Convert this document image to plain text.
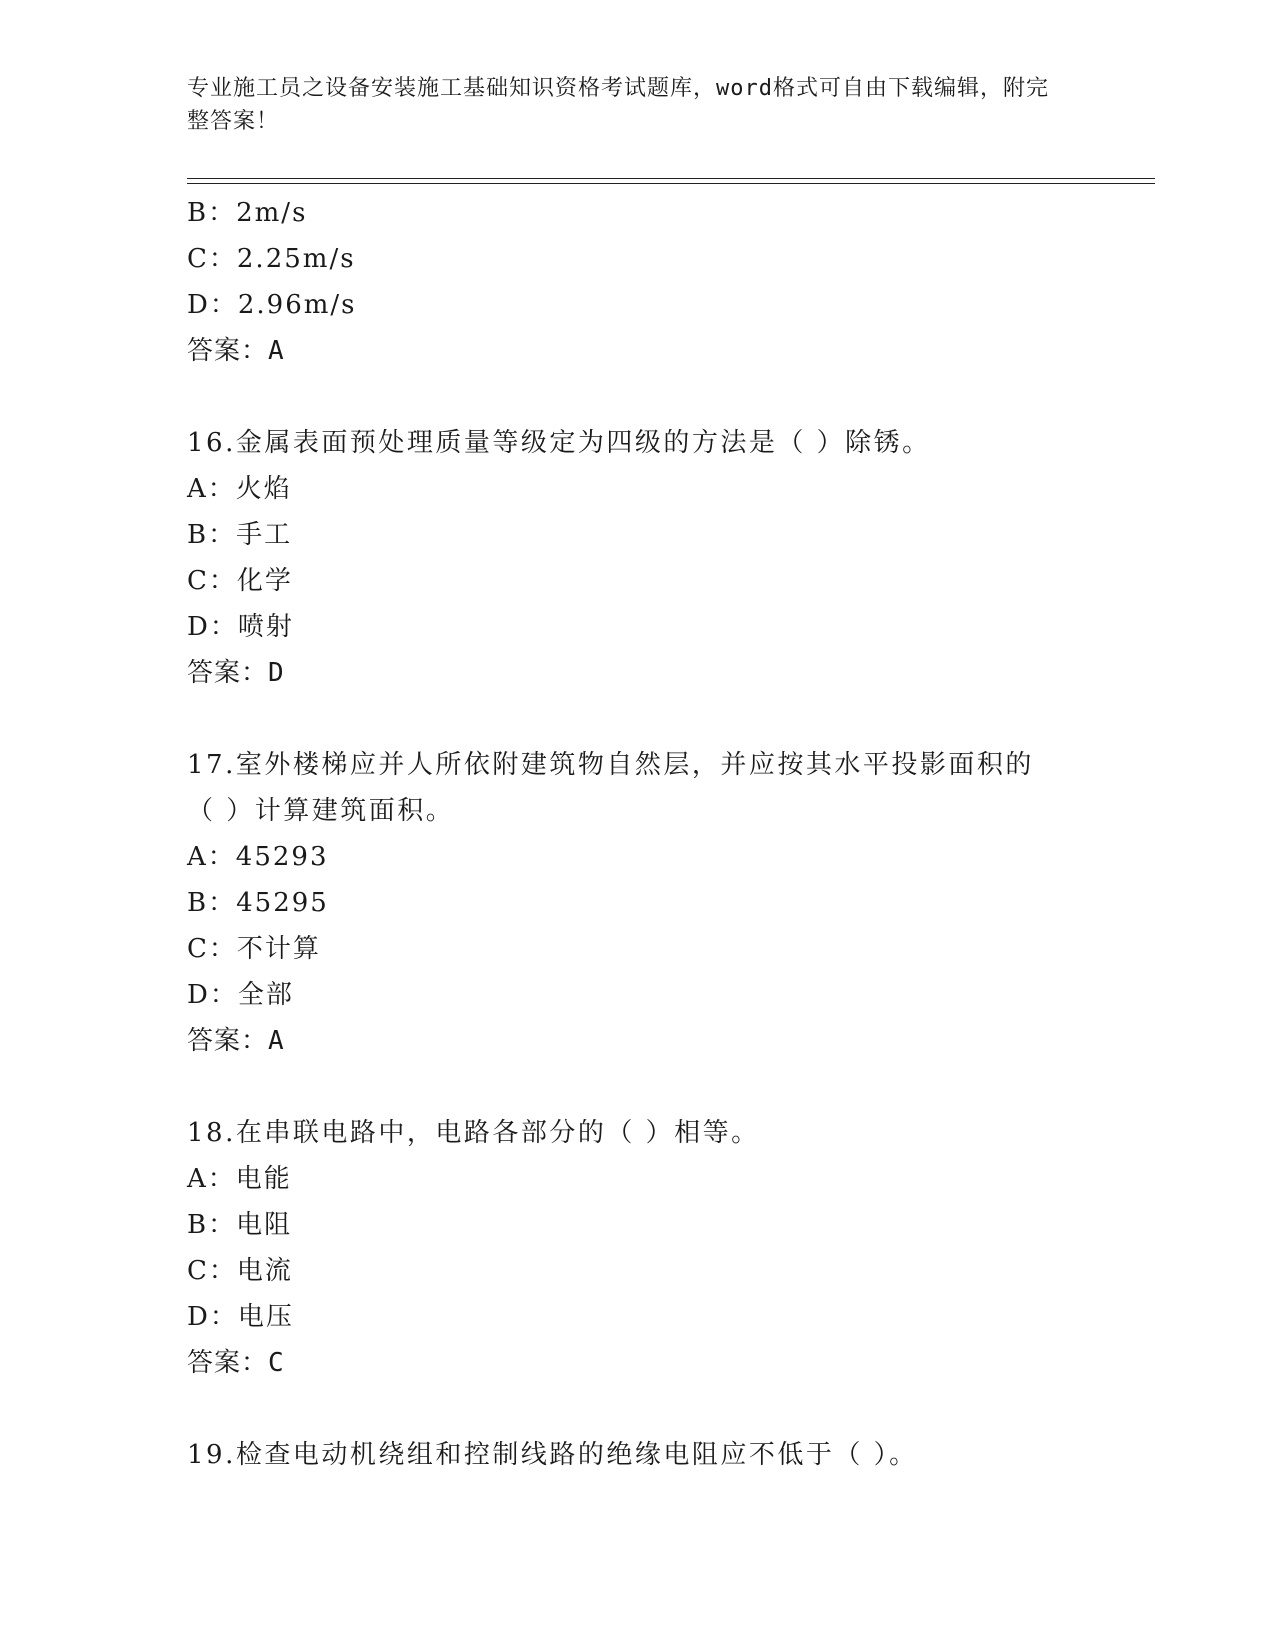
专业施工员之设备安装施工基础知识资格考试题库，word格式可自由下载编辑，附完整答案！
B：2m/s
C：2.25m/s
D：2.96m/s
答案：A
16.金属表面预处理质量等级定为四级的方法是（ ）除锈。
A：火焰
B：手工
C：化学
D：喷射
答案：D
17.室外楼梯应并人所依附建筑物自然层，并应按其水平投影面积的（ ）计算建筑面积。
A：45293
B：45295
C：不计算
D：全部
答案：A
18.在串联电路中，电路各部分的（ ）相等。
A：电能
B：电阻
C：电流
D：电压
答案：C
19.检查电动机绕组和控制线路的绝缘电阻应不低于（ ）。
